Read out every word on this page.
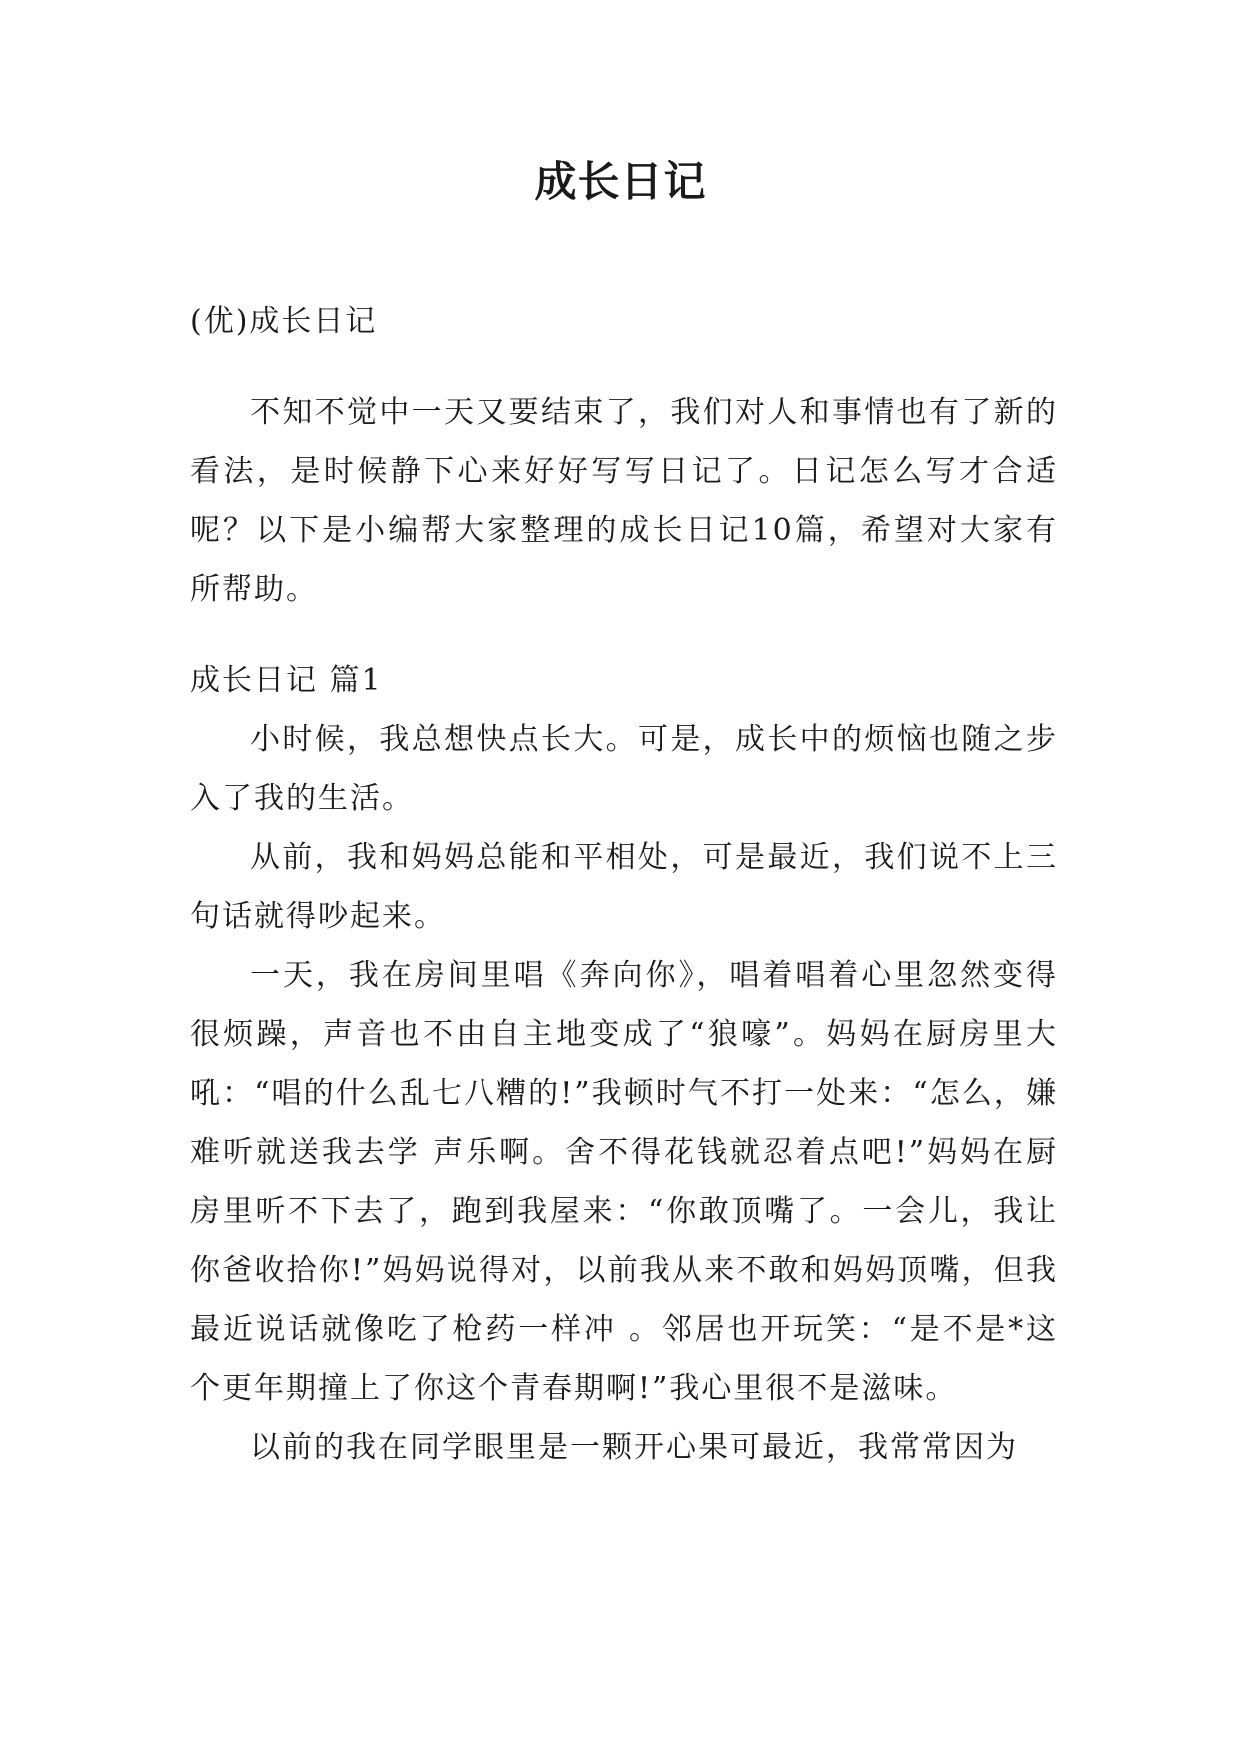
成长日记

(优)成长日记

不知不觉中一天又要结束了，我们对人和事情也有了新的看法，是时候静下心来好好写写日记了。日记怎么写才合适呢？以下是小编帮大家整理的成长日记10篇，希望对大家有所帮助。

成长日记 篇1

小时候，我总想快点长大。可是，成长中的烦恼也随之步入了我的生活。

从前，我和妈妈总能和平相处，可是最近，我们说不上三句话就得吵起来。

一天，我在房间里唱《奔向你》，唱着唱着心里忽然变得很烦躁，声音也不由自主地变成了“狼嚎”。妈妈在厨房里大吼：“唱的什么乱七八糟的!”我顿时气不打一处来：“怎么，嫌难听就送我去学 声乐啊。舍不得花钱就忍着点吧!”妈妈在厨房里听不下去了，跑到我屋来：“你敢顶嘴了。一会儿，我让你爸收拾你!”妈妈说得对，以前我从来不敢和妈妈顶嘴，但我最近说话就像吃了枪药一样冲 。邻居也开玩笑：“是不是*这个更年期撞上了你这个青春期啊!”我心里很不是滋味。

以前的我在同学眼里是一颗开心果可最近，我常常因为
